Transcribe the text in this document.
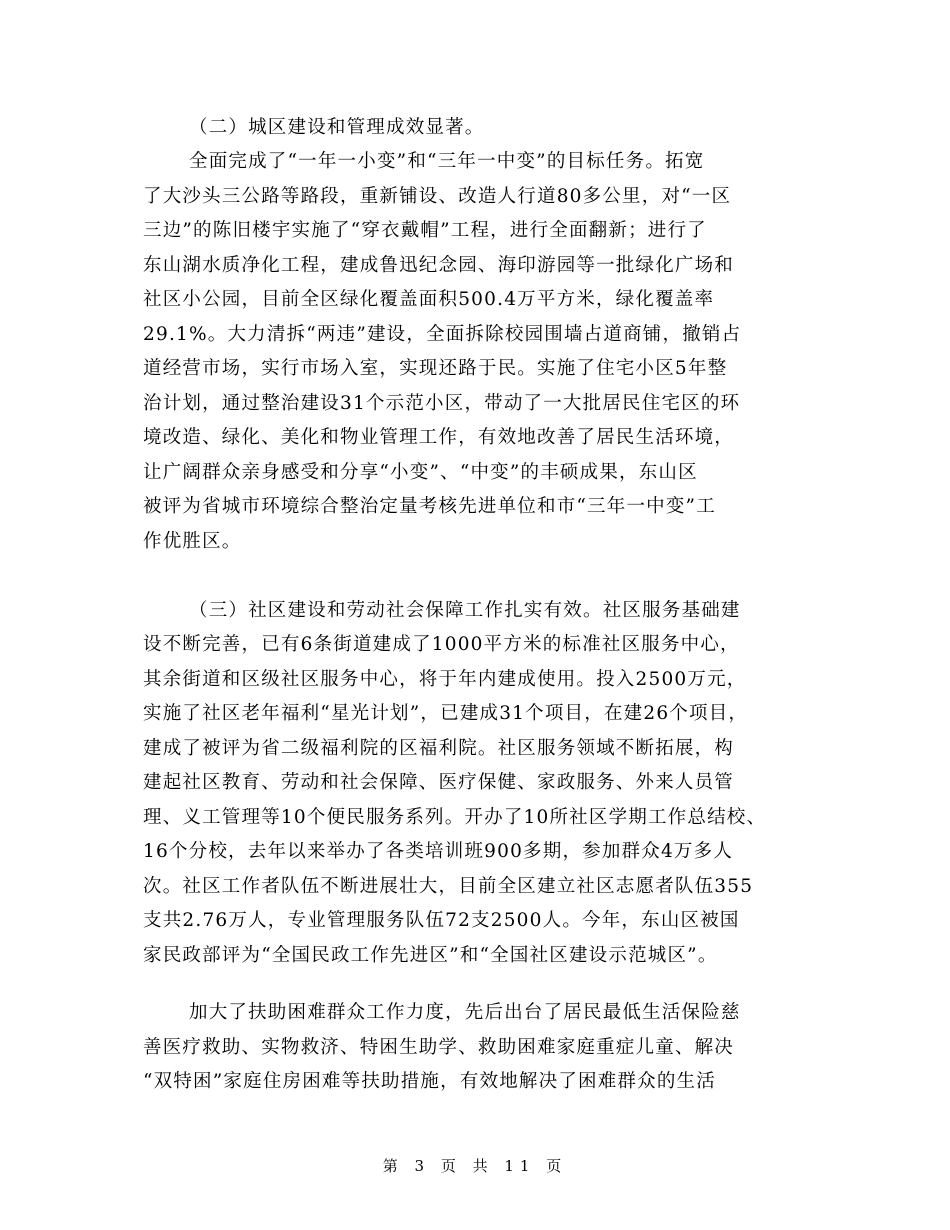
（二）城区建设和管理成效显著。
全面完成了“一年一小变”和“三年一中变”的目标任务。拓宽
了大沙头三公路等路段，重新铺设、改造人行道80多公里，对“一区
三边”的陈旧楼宇实施了“穿衣戴帽”工程，进行全面翻新；进行了
东山湖水质净化工程，建成鲁迅纪念园、海印游园等一批绿化广场和
社区小公园，目前全区绿化覆盖面积500.4万平方米，绿化覆盖率
29.1%。大力清拆“两违”建设，全面拆除校园围墙占道商铺，撤销占
道经营市场，实行市场入室，实现还路于民。实施了住宅小区5年整
治计划，通过整治建设31个示范小区，带动了一大批居民住宅区的环
境改造、绿化、美化和物业管理工作，有效地改善了居民生活环境，
让广阔群众亲身感受和分享“小变”、“中变”的丰硕成果，东山区
被评为省城市环境综合整治定量考核先进单位和市“三年一中变”工
作优胜区。
（三）社区建设和劳动社会保障工作扎实有效。社区服务基础建
设不断完善，已有6条街道建成了1000平方米的标准社区服务中心，
其余街道和区级社区服务中心，将于年内建成使用。投入2500万元，
实施了社区老年福利“星光计划”，已建成31个项目，在建26个项目，
建成了被评为省二级福利院的区福利院。社区服务领域不断拓展，构
建起社区教育、劳动和社会保障、医疗保健、家政服务、外来人员管
理、义工管理等10个便民服务系列。开办了10所社区学期工作总结校、
16个分校，去年以来举办了各类培训班900多期，参加群众4万多人
次。社区工作者队伍不断进展壮大，目前全区建立社区志愿者队伍355
支共2.76万人，专业管理服务队伍72支2500人。今年，东山区被国
家民政部评为“全国民政工作先进区”和“全国社区建设示范城区”。
加大了扶助困难群众工作力度，先后出台了居民最低生活保险慈
善医疗救助、实物救济、特困生助学、救助困难家庭重症儿童、解决
“双特困”家庭住房困难等扶助措施，有效地解决了困难群众的生活
第 3 页 共 11 页
